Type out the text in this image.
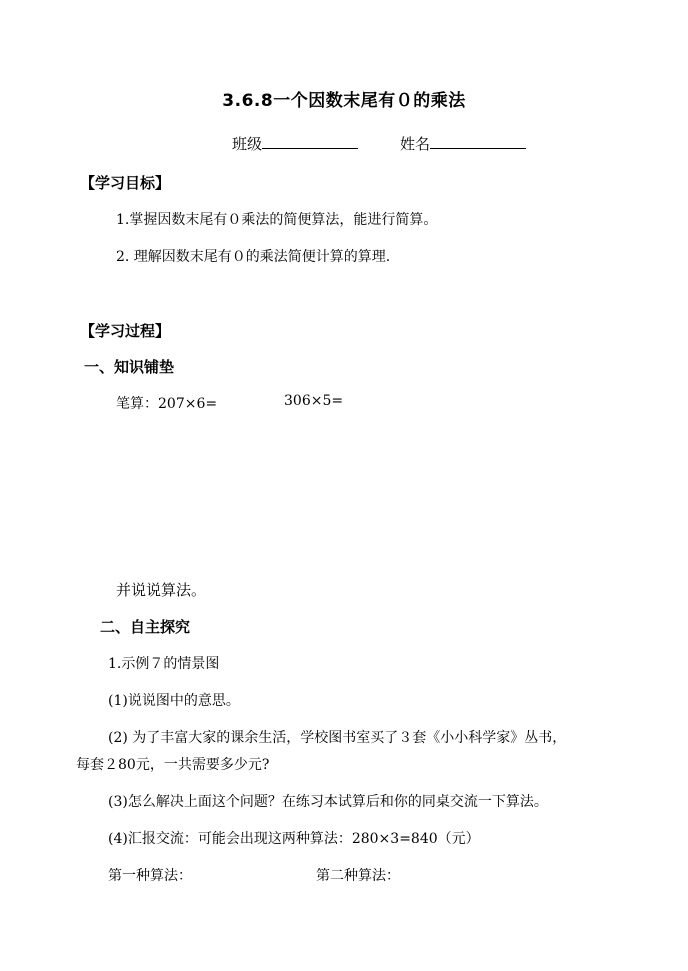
3.6.8一个因数末尾有０的乘法
班级	姓名
【学习目标】
1.掌握因数末尾有０乘法的简便算法，能进行简算。
2. 理解因数末尾有０的乘法简便计算的算理.
【学习过程】
一、知识铺垫
笔算：207×6=	306×5=
并说说算法。
二、自主探究
1.示例７的情景图
(1)说说图中的意思。
(2) 为了丰富大家的课余生活，学校图书室买了３套《小小科学家》丛书，
每套２80元，一共需要多少元?
(3)怎么解决上面这个问题？在练习本试算后和你的同桌交流一下算法。
(4)汇报交流：可能会出现这两种算法：280×3=840（元）
第一种算法：	第二种算法：
